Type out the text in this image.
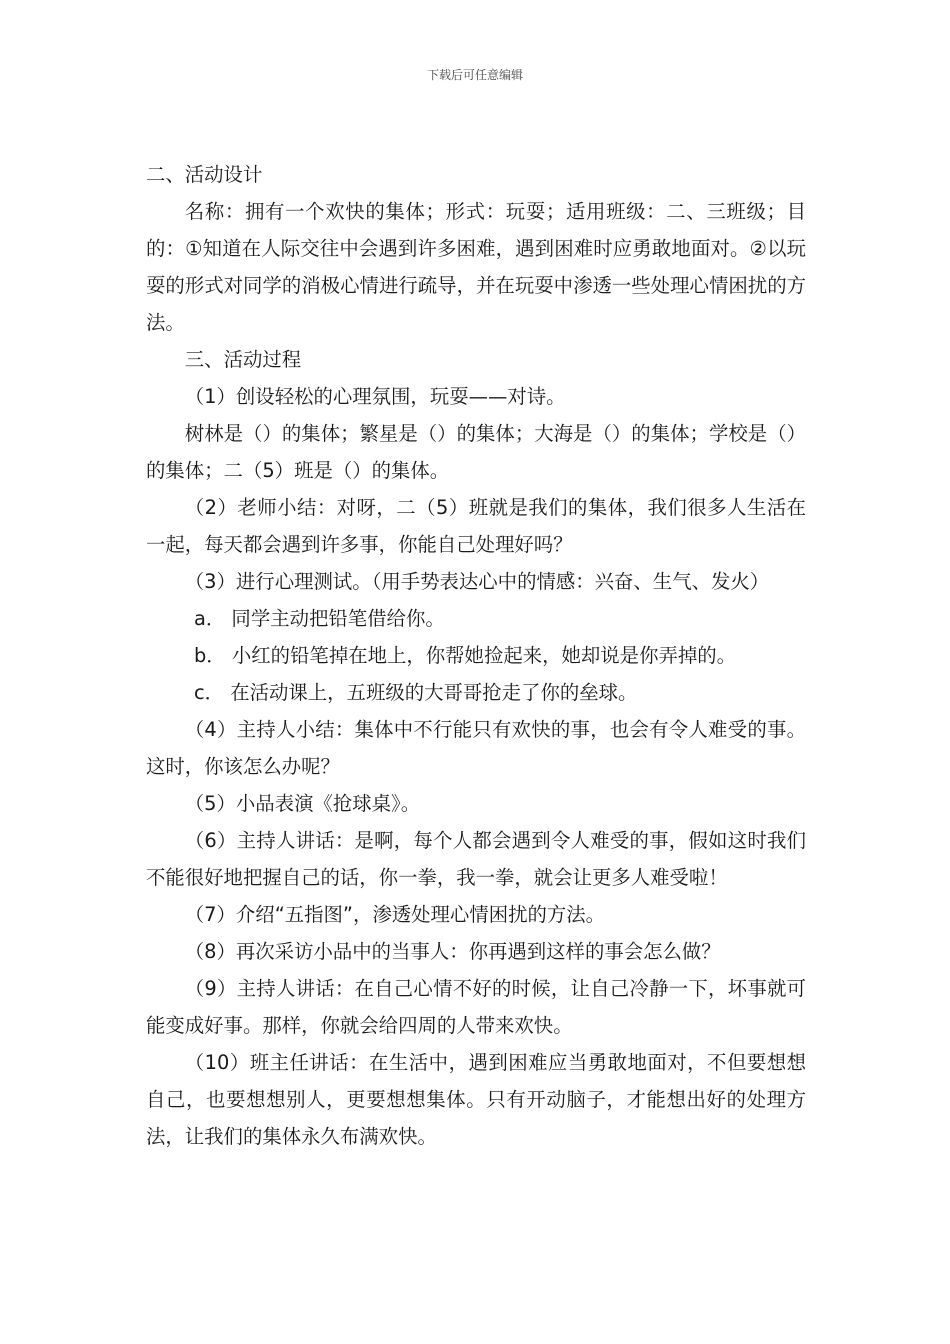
下载后可任意编辑

二、活动设计

名称：拥有一个欢快的集体；形式：玩耍；适用班级：二、三班级；目的：①知道在人际交往中会遇到许多困难，遇到困难时应勇敢地面对。②以玩耍的形式对同学的消极心情进行疏导，并在玩耍中渗透一些处理心情困扰的方法。

三、活动过程

（1）创设轻松的心理氛围，玩耍——对诗。

树林是（）的集体；繁星是（）的集体；大海是（）的集体；学校是（）的集体；二（5）班是（）的集体。

（2）老师小结：对呀，二（5）班就是我们的集体，我们很多人生活在一起，每天都会遇到许多事，你能自己处理好吗？

（3）进行心理测试。（用手势表达心中的情感：兴奋、生气、发火）

a． 同学主动把铅笔借给你。

b． 小红的铅笔掉在地上，你帮她捡起来，她却说是你弄掉的。

c． 在活动课上，五班级的大哥哥抢走了你的垒球。

（4）主持人小结：集体中不行能只有欢快的事，也会有令人难受的事。这时，你该怎么办呢？

（5）小品表演《抢球桌》。

（6）主持人讲话：是啊，每个人都会遇到令人难受的事，假如这时我们不能很好地把握自己的话，你一拳，我一拳，就会让更多人难受啦！

（7）介绍“五指图”，渗透处理心情困扰的方法。

（8）再次采访小品中的当事人：你再遇到这样的事会怎么做？

（9）主持人讲话：在自己心情不好的时候，让自己冷静一下，坏事就可能变成好事。那样，你就会给四周的人带来欢快。

（10）班主任讲话：在生活中，遇到困难应当勇敢地面对，不但要想想自己，也要想想别人，更要想想集体。只有开动脑子，才能想出好的处理方法，让我们的集体永久布满欢快。
